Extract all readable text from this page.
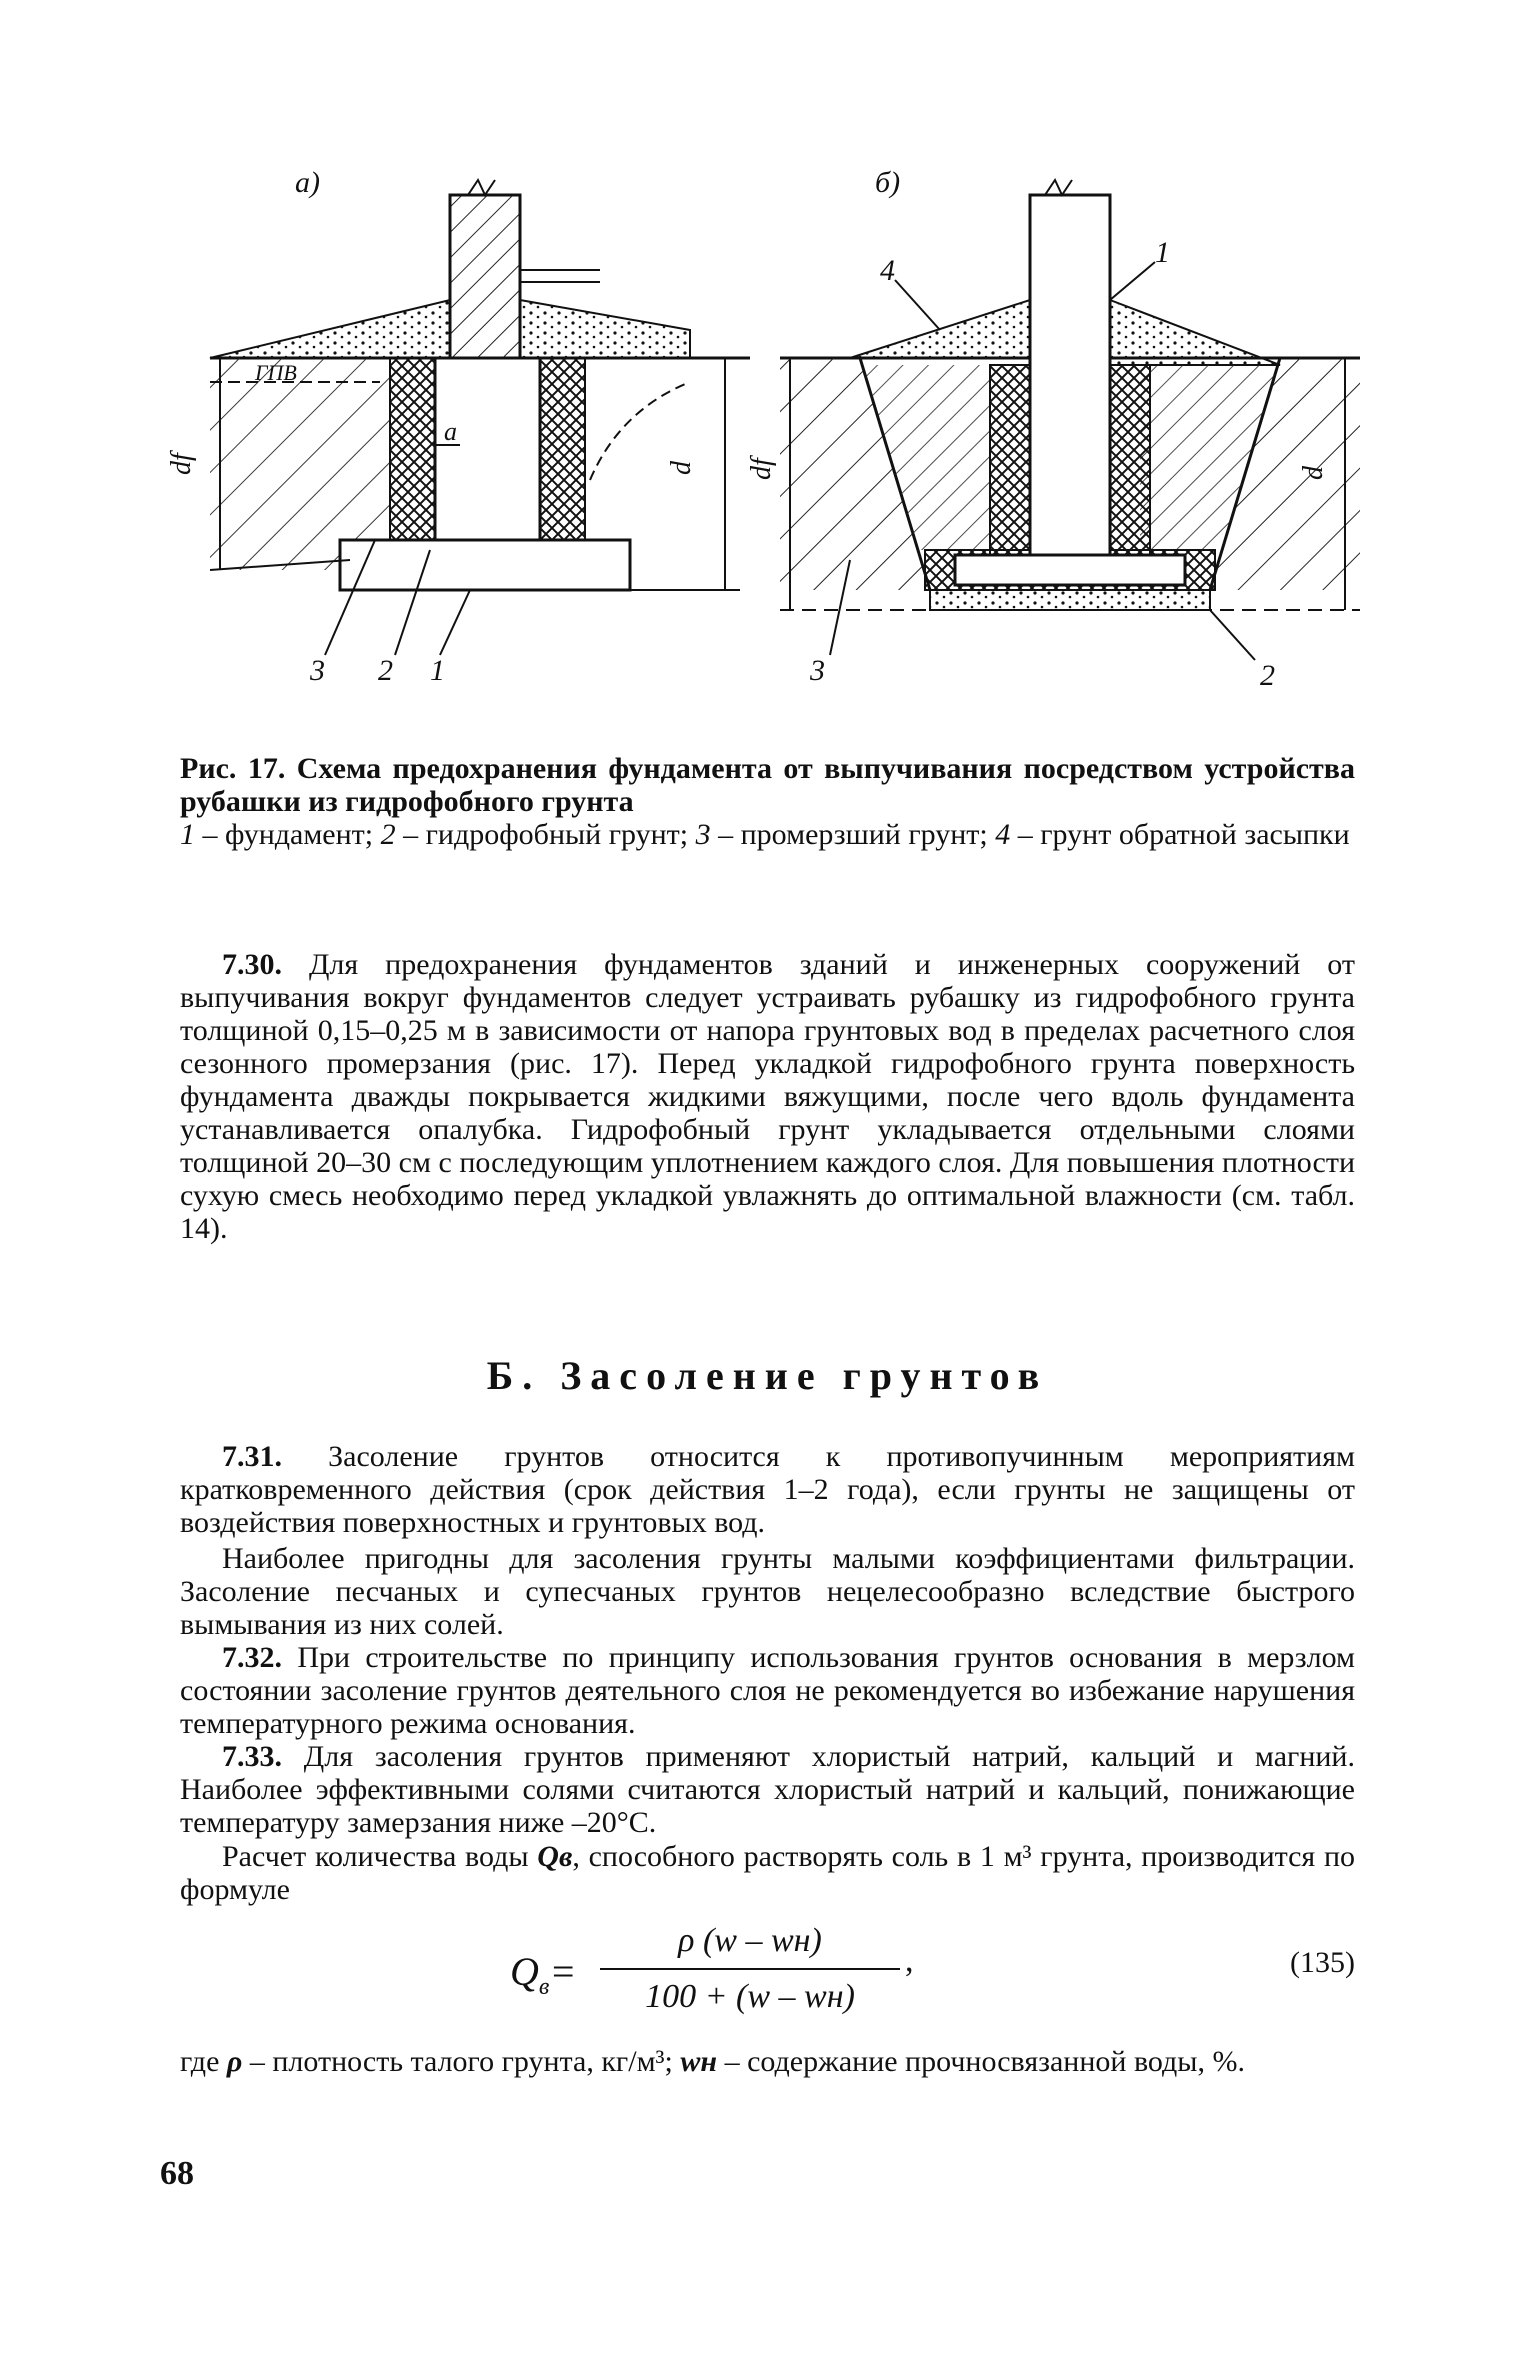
a)
ГПВ
df	d
a
3 2 1
б)
df	d
4
1
3	2
Рис. 17. Схема предохранения фундамента от выпучивания посредством устройства рубашки из гидрофобного грунта
1 – фундамент; 2 – гидрофобный грунт; 3 – промерзший грунт; 4 – грунт обратной засыпки
7.30. Для предохранения фундаментов зданий и инженерных сооружений от выпучивания вокруг фундаментов следует устраивать рубашку из гидрофобного грунта толщиной 0,15–0,25 м в зависимости от напора грунтовых вод в пределах расчетного слоя сезонного промерзания (рис. 17). Перед укладкой гидрофобного грунта поверхность фундамента дважды покрывается жидкими вяжущими, после чего вдоль фундамента устанавливается опалубка. Гидрофобный грунт укладывается отдельными слоями толщиной 20–30 см с последующим уплотнением каждого слоя. Для повышения плотности сухую смесь необходимо перед укладкой увлажнять до оптимальной влажности (см. табл. 14).
Б. Засоление грунтов
7.31. Засоление грунтов относится к противопучинным мероприятиям кратковременного действия (срок действия 1–2 года), если грунты не защищены от воздействия поверхностных и грунтовых вод.
Наиболее пригодны для засоления грунты малыми коэффициентами фильтрации. Засоление песчаных и супесчаных грунтов нецелесообразно вследствие быстрого вымывания из них солей.
7.32. При строительстве по принципу использования грунтов основания в мерзлом состоянии засоление грунтов деятельного слоя не рекомендуется во избежание нарушения температурного режима основания.
7.33. Для засоления грунтов применяют хлористый натрий, кальций и магний. Наиболее эффективными солями считаются хлористый натрий и кальций, понижающие температуру замерзания ниже –20°С.
Расчет количества воды Qв, способного растворять соль в 1 м³ грунта, производится по формуле
$Q_в=$
ρ (w – wн)
100 + (w – wн)
,	(135)
где ρ – плотность талого грунта, кг/м³; wн – содержание прочносвязанной воды, %.
68
